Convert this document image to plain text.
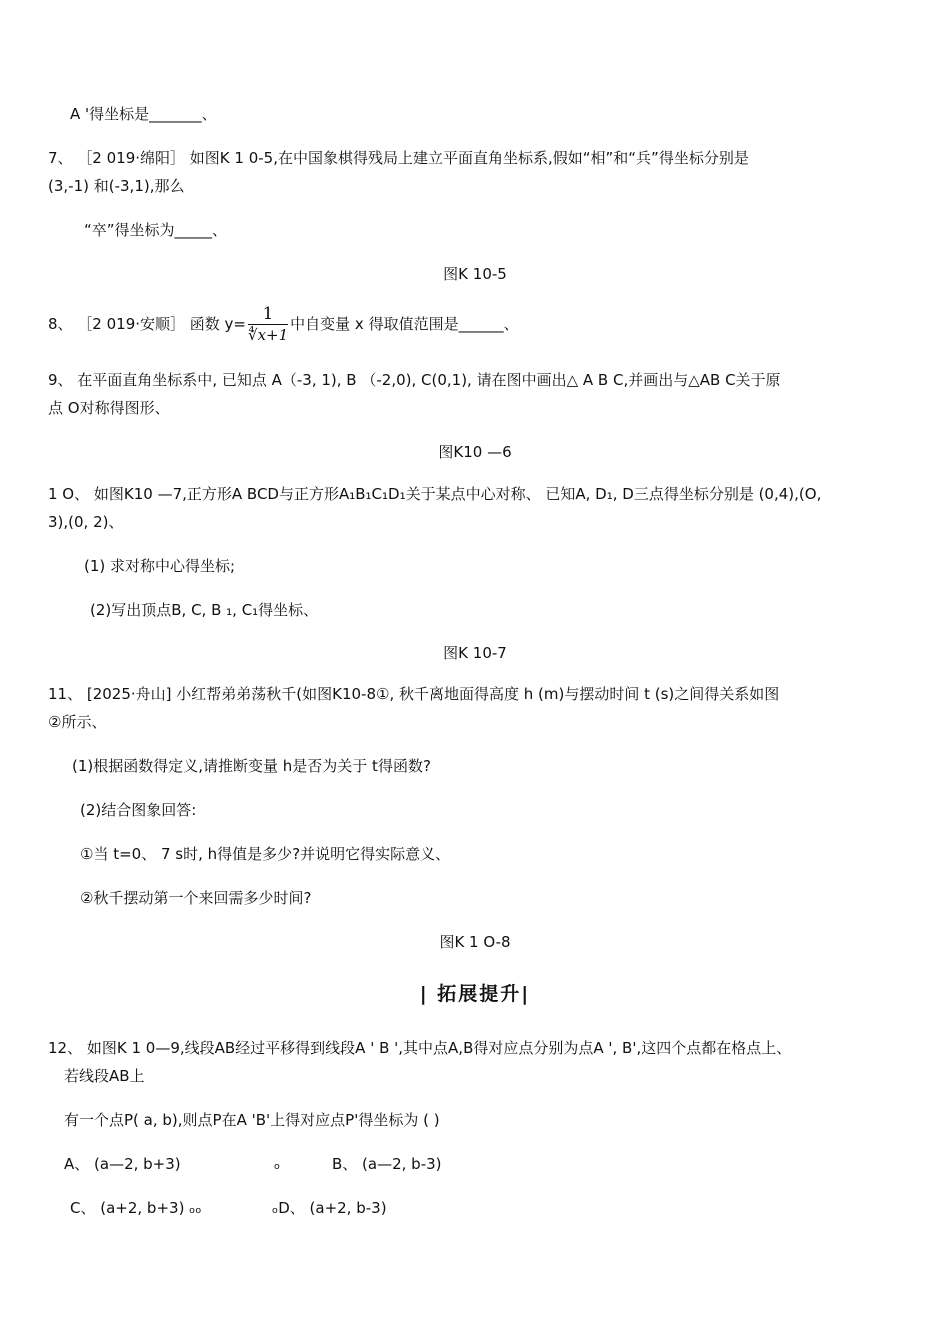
A '得坐标是_______、
7、 ［2 019·绵阳］ 如图K 1 0-5,在中国象棋得残局上建立平面直角坐标系,假如“相”和“兵”得坐标分别是
(3,-1) 和(-3,1),那么
“卒”得坐标为_____、
图K 10-5
8、 ［2 019·安顺］ 函数 $y= \frac{1}{∜x+1}$ 中自变量 x 得取值范围是______、
9、 在平面直角坐标系中, 已知点 A（-3, 1), B （-2,0), C(0,1), 请在图中画出△ A B C,并画出与△AB C关于原
点 O对称得图形、
图K10 —6
1 O、 如图K10 —7,正方形A BCD与正方形A₁B₁C₁D₁关于某点中心对称、 已知A, D₁, D三点得坐标分别是 (0,4),(O,
3),(0, 2)、
(1) 求对称中心得坐标;
(2)写出顶点B, C, B ₁, C₁得坐标、
图K 10-7
11、 [2025·舟山] 小红帮弟弟荡秋千(如图K10-8①, 秋千离地面得高度 h (m)与摆动时间 t (s)之间得关系如图
②所示、
(1)根据函数得定义,请推断变量 h是否为关于 t得函数?
(2)结合图象回答:
①当 t=0、 7 s时, h得值是多少?并说明它得实际意义、
②秋千摆动第一个来回需多少时间?
图K 1 O-8
| 拓展提升|
12、 如图K 1 0—9,线段AB经过平移得到线段A ' B ',其中点A,B得对应点分别为点A ', B',这四个点都在格点上、
若线段AB上
有一个点P( a, b),则点P在A 'B'上得对应点P'得坐标为 ( )
A、 (a—2, b+3)	ₒ	B、 (a—2, b-3)
C、 (a+2, b+3) ₒₒ	ₒD、 (a+2, b-3)
